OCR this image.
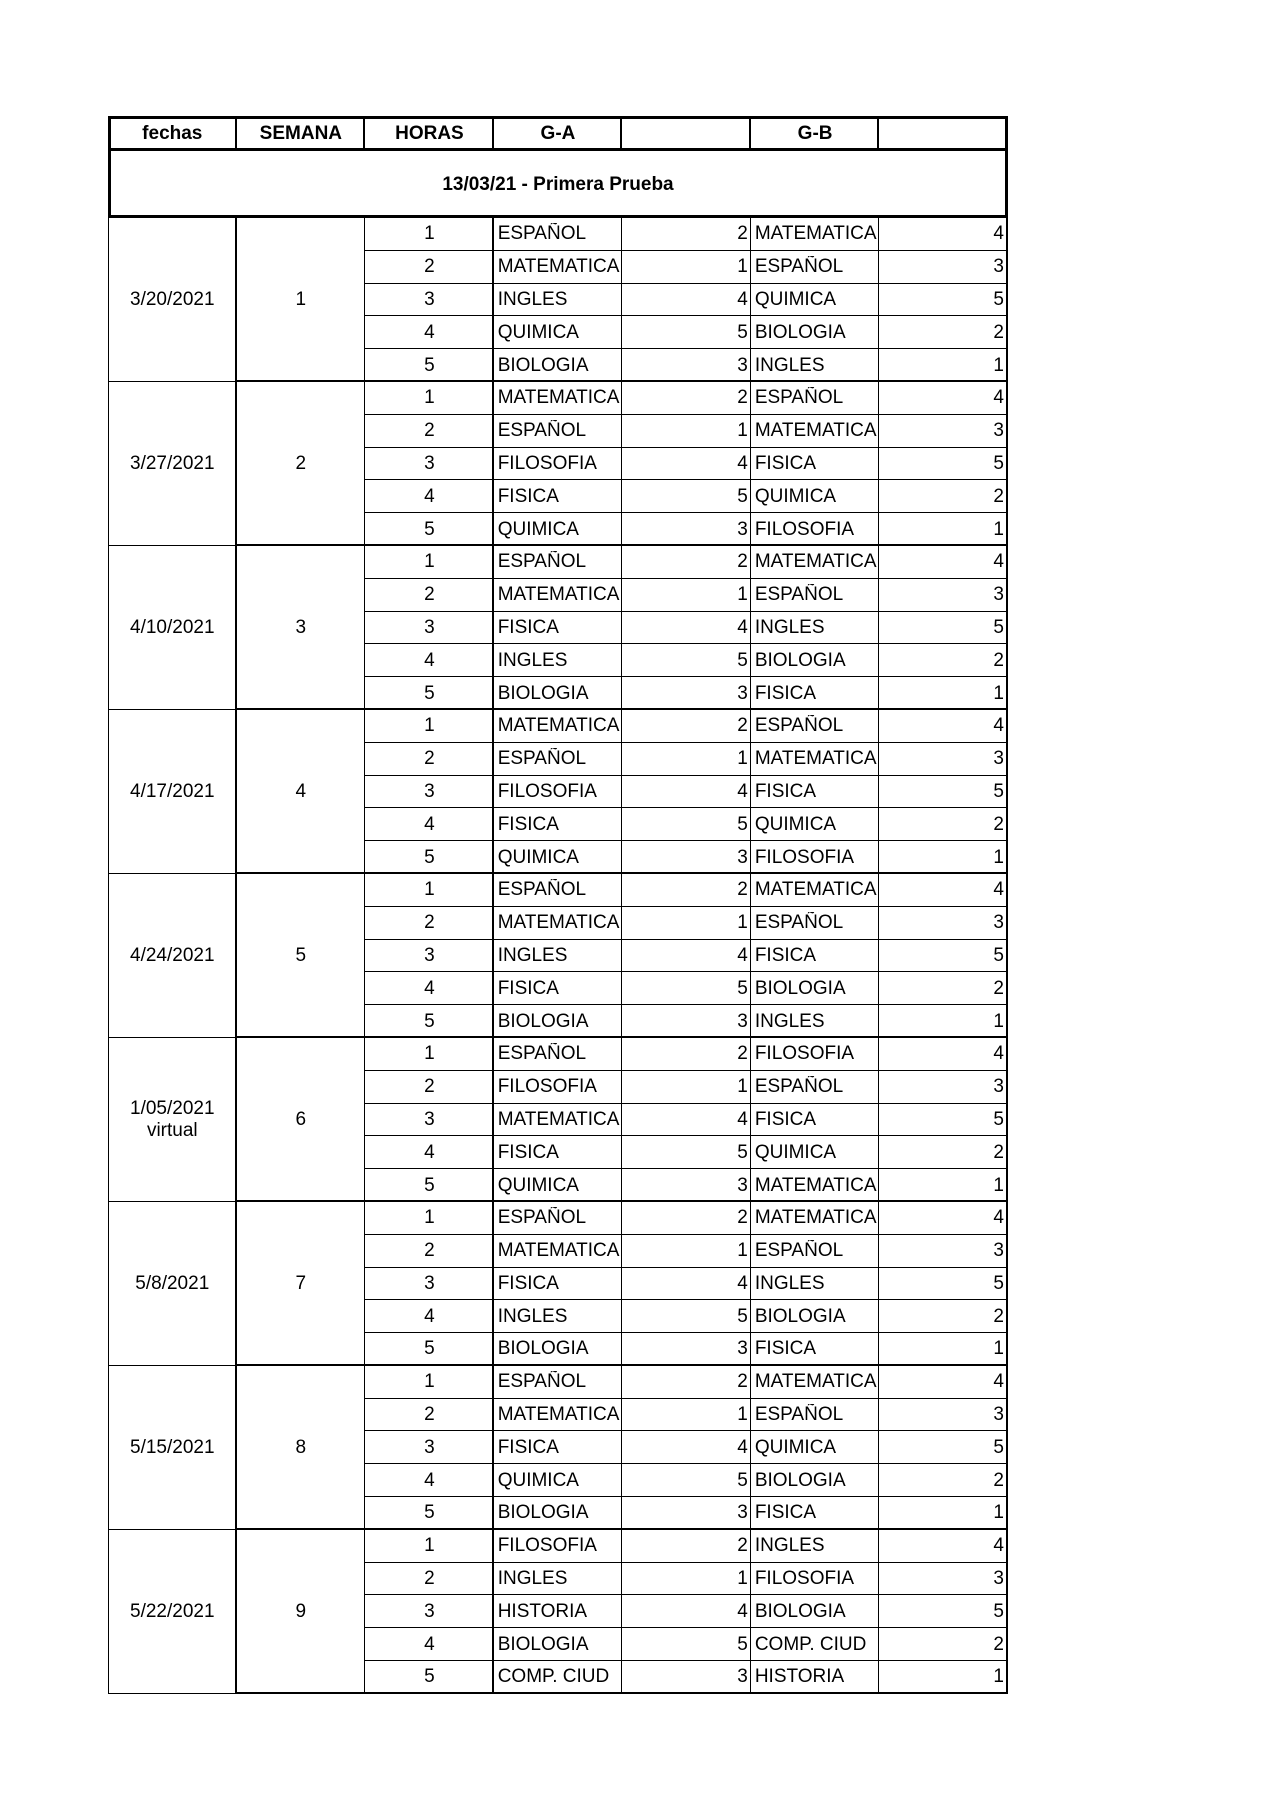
fechas	SEMANA	HORAS	G-A	G-B
13/03/21 - Primera Prueba
3/20/2021	1
1	ESPAÑOL	2 MATEMATICA	4
2	MATEMATICA	1 ESPAÑOL	3
3	INGLES	4 QUIMICA	5
4	QUIMICA	5 BIOLOGIA	2
5	BIOLOGIA	3 INGLES	1
3/27/2021	2
1	MATEMATICA	2 ESPAÑOL	4
2	ESPAÑOL	1 MATEMATICA	3
3	FILOSOFIA	4 FISICA	5
4	FISICA	5 QUIMICA	2
5	QUIMICA	3 FILOSOFIA	1
4/10/2021	3
1	ESPAÑOL	2 MATEMATICA	4
2	MATEMATICA	1 ESPAÑOL	3
3	FISICA	4 INGLES	5
4	INGLES	5 BIOLOGIA	2
5	BIOLOGIA	3 FISICA	1
4/17/2021	4
1	MATEMATICA	2 ESPAÑOL	4
2	ESPAÑOL	1 MATEMATICA	3
3	FILOSOFIA	4 FISICA	5
4	FISICA	5 QUIMICA	2
5	QUIMICA	3 FILOSOFIA	1
4/24/2021	5
1	ESPAÑOL	2 MATEMATICA	4
2	MATEMATICA	1 ESPAÑOL	3
3	INGLES	4 FISICA	5
4	FISICA	5 BIOLOGIA	2
5	BIOLOGIA	3 INGLES	1
1/05/2021
virtual
6
1	ESPAÑOL	2 FILOSOFIA	4
2	FILOSOFIA	1 ESPAÑOL	3
3	MATEMATICA	4 FISICA	5
4	FISICA	5 QUIMICA	2
5	QUIMICA	3 MATEMATICA	1
5/8/2021	7
1	ESPAÑOL	2 MATEMATICA	4
2	MATEMATICA	1 ESPAÑOL	3
3	FISICA	4 INGLES	5
4	INGLES	5 BIOLOGIA	2
5	BIOLOGIA	3 FISICA	1
5/15/2021	8
1	ESPAÑOL	2 MATEMATICA	4
2	MATEMATICA	1 ESPAÑOL	3
3	FISICA	4 QUIMICA	5
4	QUIMICA	5 BIOLOGIA	2
5	BIOLOGIA	3 FISICA	1
5/22/2021	9
1	FILOSOFIA	2 INGLES	4
2	INGLES	1 FILOSOFIA	3
3	HISTORIA	4 BIOLOGIA	5
4	BIOLOGIA	5 COMP. CIUD	2
5	COMP. CIUD	3 HISTORIA	1
